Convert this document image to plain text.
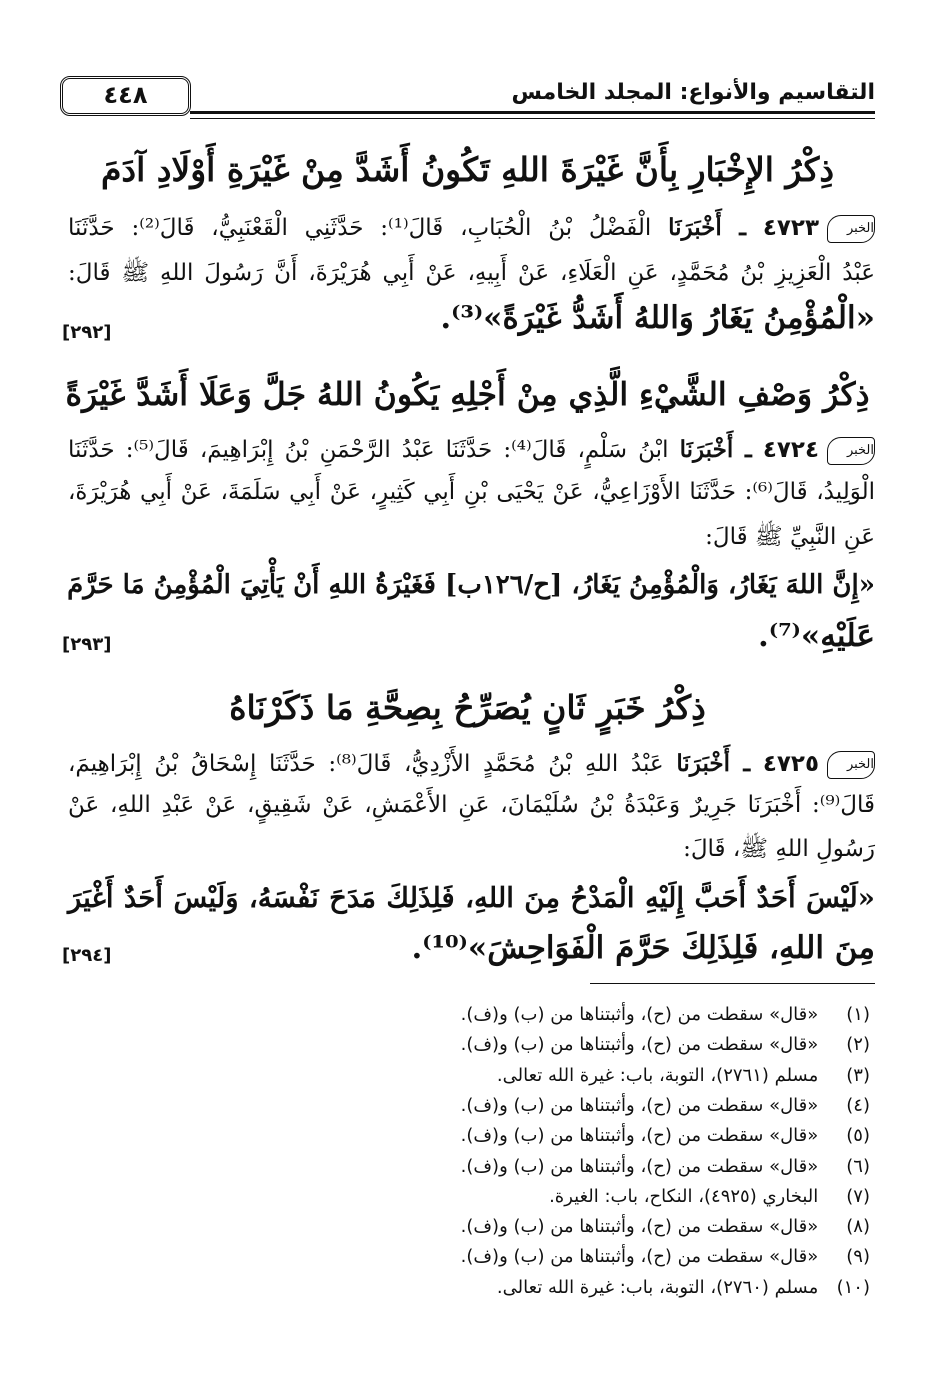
التقاسيم والأنواع: المجلد الخامس
٤٤٨
ذِكْرُ الإِخْبَارِ بِأَنَّ غَيْرَةَ اللهِ تَكُونُ أَشَدَّ مِنْ غَيْرَةِ أَوْلَادِ آدَمَ
الخبر٤٧٢٣ ـ أَخْبَرَنَا الْفَضْلُ بْنُ الْحُبَابِ، قَالَ⁽¹⁾: حَدَّثَنِي الْقَعْنَبِيُّ، قَالَ⁽²⁾: حَدَّثَنَا
عَبْدُ الْعَزِيزِ بْنُ مُحَمَّدٍ، عَنِ الْعَلَاءِ، عَنْ أَبِيهِ، عَنْ أَبِي هُرَيْرَةَ، أَنَّ رَسُولَ اللهِ ﷺ قَالَ:
«الْمُؤْمِنُ يَغَارُ وَاللهُ أَشَدُّ غَيْرَةً»⁽³⁾.
[٢٩٢]
ذِكْرُ وَصْفِ الشَّيْءِ الَّذِي مِنْ أَجْلِهِ يَكُونُ اللهُ جَلَّ وَعَلَا أَشَدَّ غَيْرَةً
الخبر٤٧٢٤ ـ أَخْبَرَنَا ابْنُ سَلْمٍ، قَالَ⁽⁴⁾: حَدَّثَنَا عَبْدُ الرَّحْمَنِ بْنُ إِبْرَاهِيمَ، قَالَ⁽⁵⁾: حَدَّثَنَا
الْوَلِيدُ، قَالَ⁽⁶⁾: حَدَّثَنَا الأَوْزَاعِيُّ، عَنْ يَحْيَى بْنِ أَبِي كَثِيرٍ، عَنْ أَبِي سَلَمَةَ، عَنْ أَبِي هُرَيْرَةَ،
عَنِ النَّبِيِّ ﷺ قَالَ:
«إِنَّ اللهَ يَغَارُ، وَالْمُؤْمِنُ يَغَارُ، [ح/١٢٦ب] فَغَيْرَةُ اللهِ أَنْ يَأْتِيَ الْمُؤْمِنُ مَا حَرَّمَ
عَلَيْهِ»⁽⁷⁾.
[٢٩٣]
ذِكْرُ خَبَرٍ ثَانٍ يُصَرِّحُ بِصِحَّةِ مَا ذَكَرْنَاهُ
الخبر٤٧٢٥ ـ أَخْبَرَنَا عَبْدُ اللهِ بْنُ مُحَمَّدٍ الأَزْدِيُّ، قَالَ⁽⁸⁾: حَدَّثَنَا إِسْحَاقُ بْنُ إِبْرَاهِيمَ،
قَالَ⁽⁹⁾: أَخْبَرَنَا جَرِيرٌ وَعَبْدَةُ بْنُ سُلَيْمَانَ، عَنِ الأَعْمَشِ، عَنْ شَقِيقٍ، عَنْ عَبْدِ اللهِ، عَنْ
رَسُولِ اللهِ ﷺ، قَالَ:
«لَيْسَ أَحَدٌ أَحَبَّ إِلَيْهِ الْمَدْحُ مِنَ اللهِ، فَلِذَلِكَ مَدَحَ نَفْسَهُ، وَلَيْسَ أَحَدٌ أَغْيَرَ
مِنَ اللهِ، فَلِذَلِكَ حَرَّمَ الْفَوَاحِشَ»⁽¹⁰⁾.
[٢٩٤]
(١) «قال» سقطت من (ح)، وأثبتناها من (ب) و(ف).
(٢) «قال» سقطت من (ح)، وأثبتناها من (ب) و(ف).
(٣) مسلم (٢٧٦١)، التوبة، باب: غيرة الله تعالى.
(٤) «قال» سقطت من (ح)، وأثبتناها من (ب) و(ف).
(٥) «قال» سقطت من (ح)، وأثبتناها من (ب) و(ف).
(٦) «قال» سقطت من (ح)، وأثبتناها من (ب) و(ف).
(٧) البخاري (٤٩٢٥)، النكاح، باب: الغيرة.
(٨) «قال» سقطت من (ح)، وأثبتناها من (ب) و(ف).
(٩) «قال» سقطت من (ح)، وأثبتناها من (ب) و(ف).
(١٠) مسلم (٢٧٦٠)، التوبة، باب: غيرة الله تعالى.
